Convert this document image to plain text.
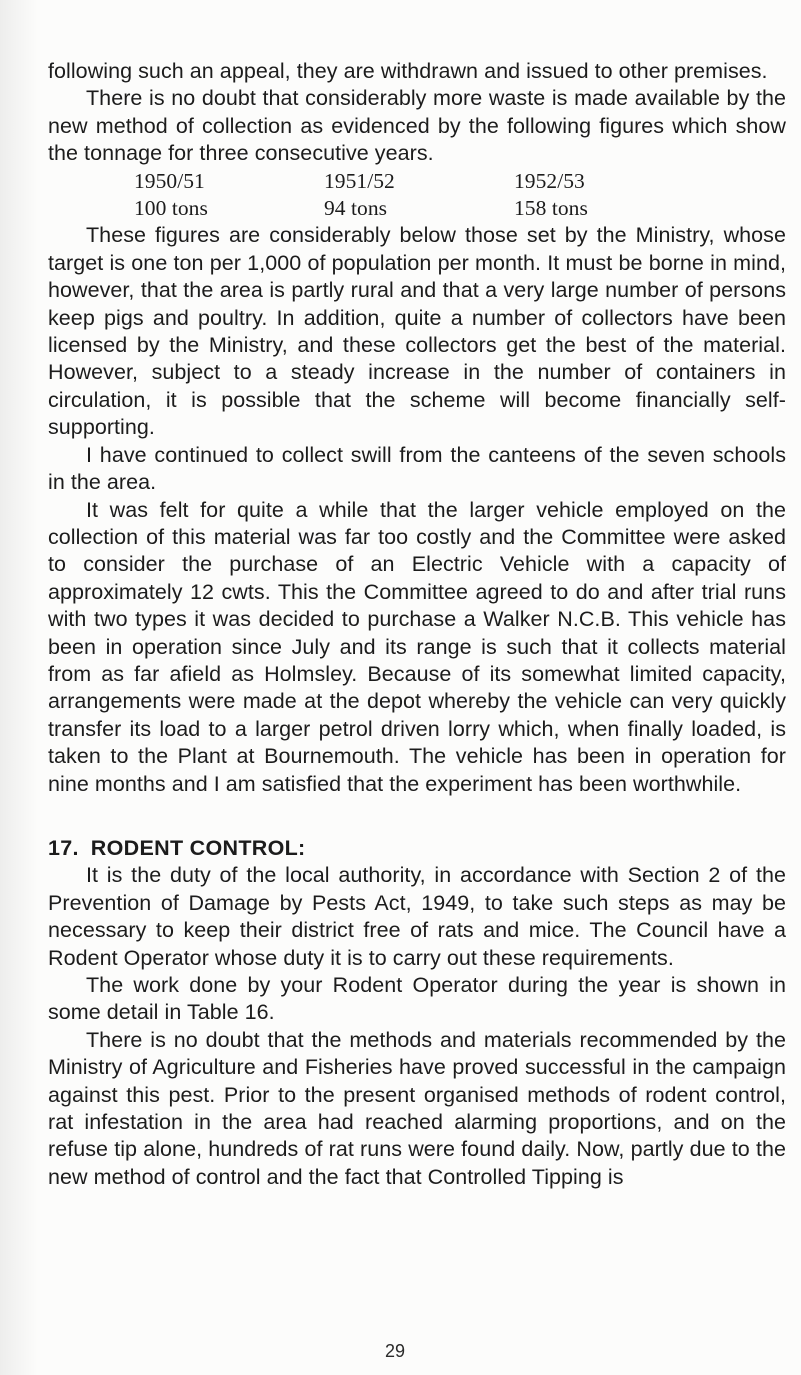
following such an appeal, they are withdrawn and issued to other premises.

There is no doubt that considerably more waste is made available by the new method of collection as evidenced by the following figures which show the tonnage for three consecutive years.

1950/51	1951/52	1952/53
100 tons	94 tons	158 tons

These figures are considerably below those set by the Ministry, whose target is one ton per 1,000 of population per month. It must be borne in mind, however, that the area is partly rural and that a very large number of persons keep pigs and poultry. In addition, quite a number of collectors have been licensed by the Ministry, and these collectors get the best of the material. However, subject to a steady increase in the number of containers in circulation, it is possible that the scheme will become financially self-supporting.

I have continued to collect swill from the canteens of the seven schools in the area.

It was felt for quite a while that the larger vehicle employed on the collection of this material was far too costly and the Committee were asked to consider the purchase of an Electric Vehicle with a capacity of approximately 12 cwts. This the Committee agreed to do and after trial runs with two types it was decided to purchase a Walker N.C.B. This vehicle has been in operation since July and its range is such that it collects material from as far afield as Holmsley. Because of its somewhat limited capacity, arrangements were made at the depot whereby the vehicle can very quickly transfer its load to a larger petrol driven lorry which, when finally loaded, is taken to the Plant at Bournemouth. The vehicle has been in operation for nine months and I am satisfied that the experiment has been worthwhile.

17. RODENT CONTROL:

It is the duty of the local authority, in accordance with Section 2 of the Prevention of Damage by Pests Act, 1949, to take such steps as may be necessary to keep their district free of rats and mice. The Council have a Rodent Operator whose duty it is to carry out these requirements.

The work done by your Rodent Operator during the year is shown in some detail in Table 16.

There is no doubt that the methods and materials recommended by the Ministry of Agriculture and Fisheries have proved successful in the campaign against this pest. Prior to the present organised methods of rodent control, rat infestation in the area had reached alarming proportions, and on the refuse tip alone, hundreds of rat runs were found daily. Now, partly due to the new method of control and the fact that Controlled Tipping is

29
